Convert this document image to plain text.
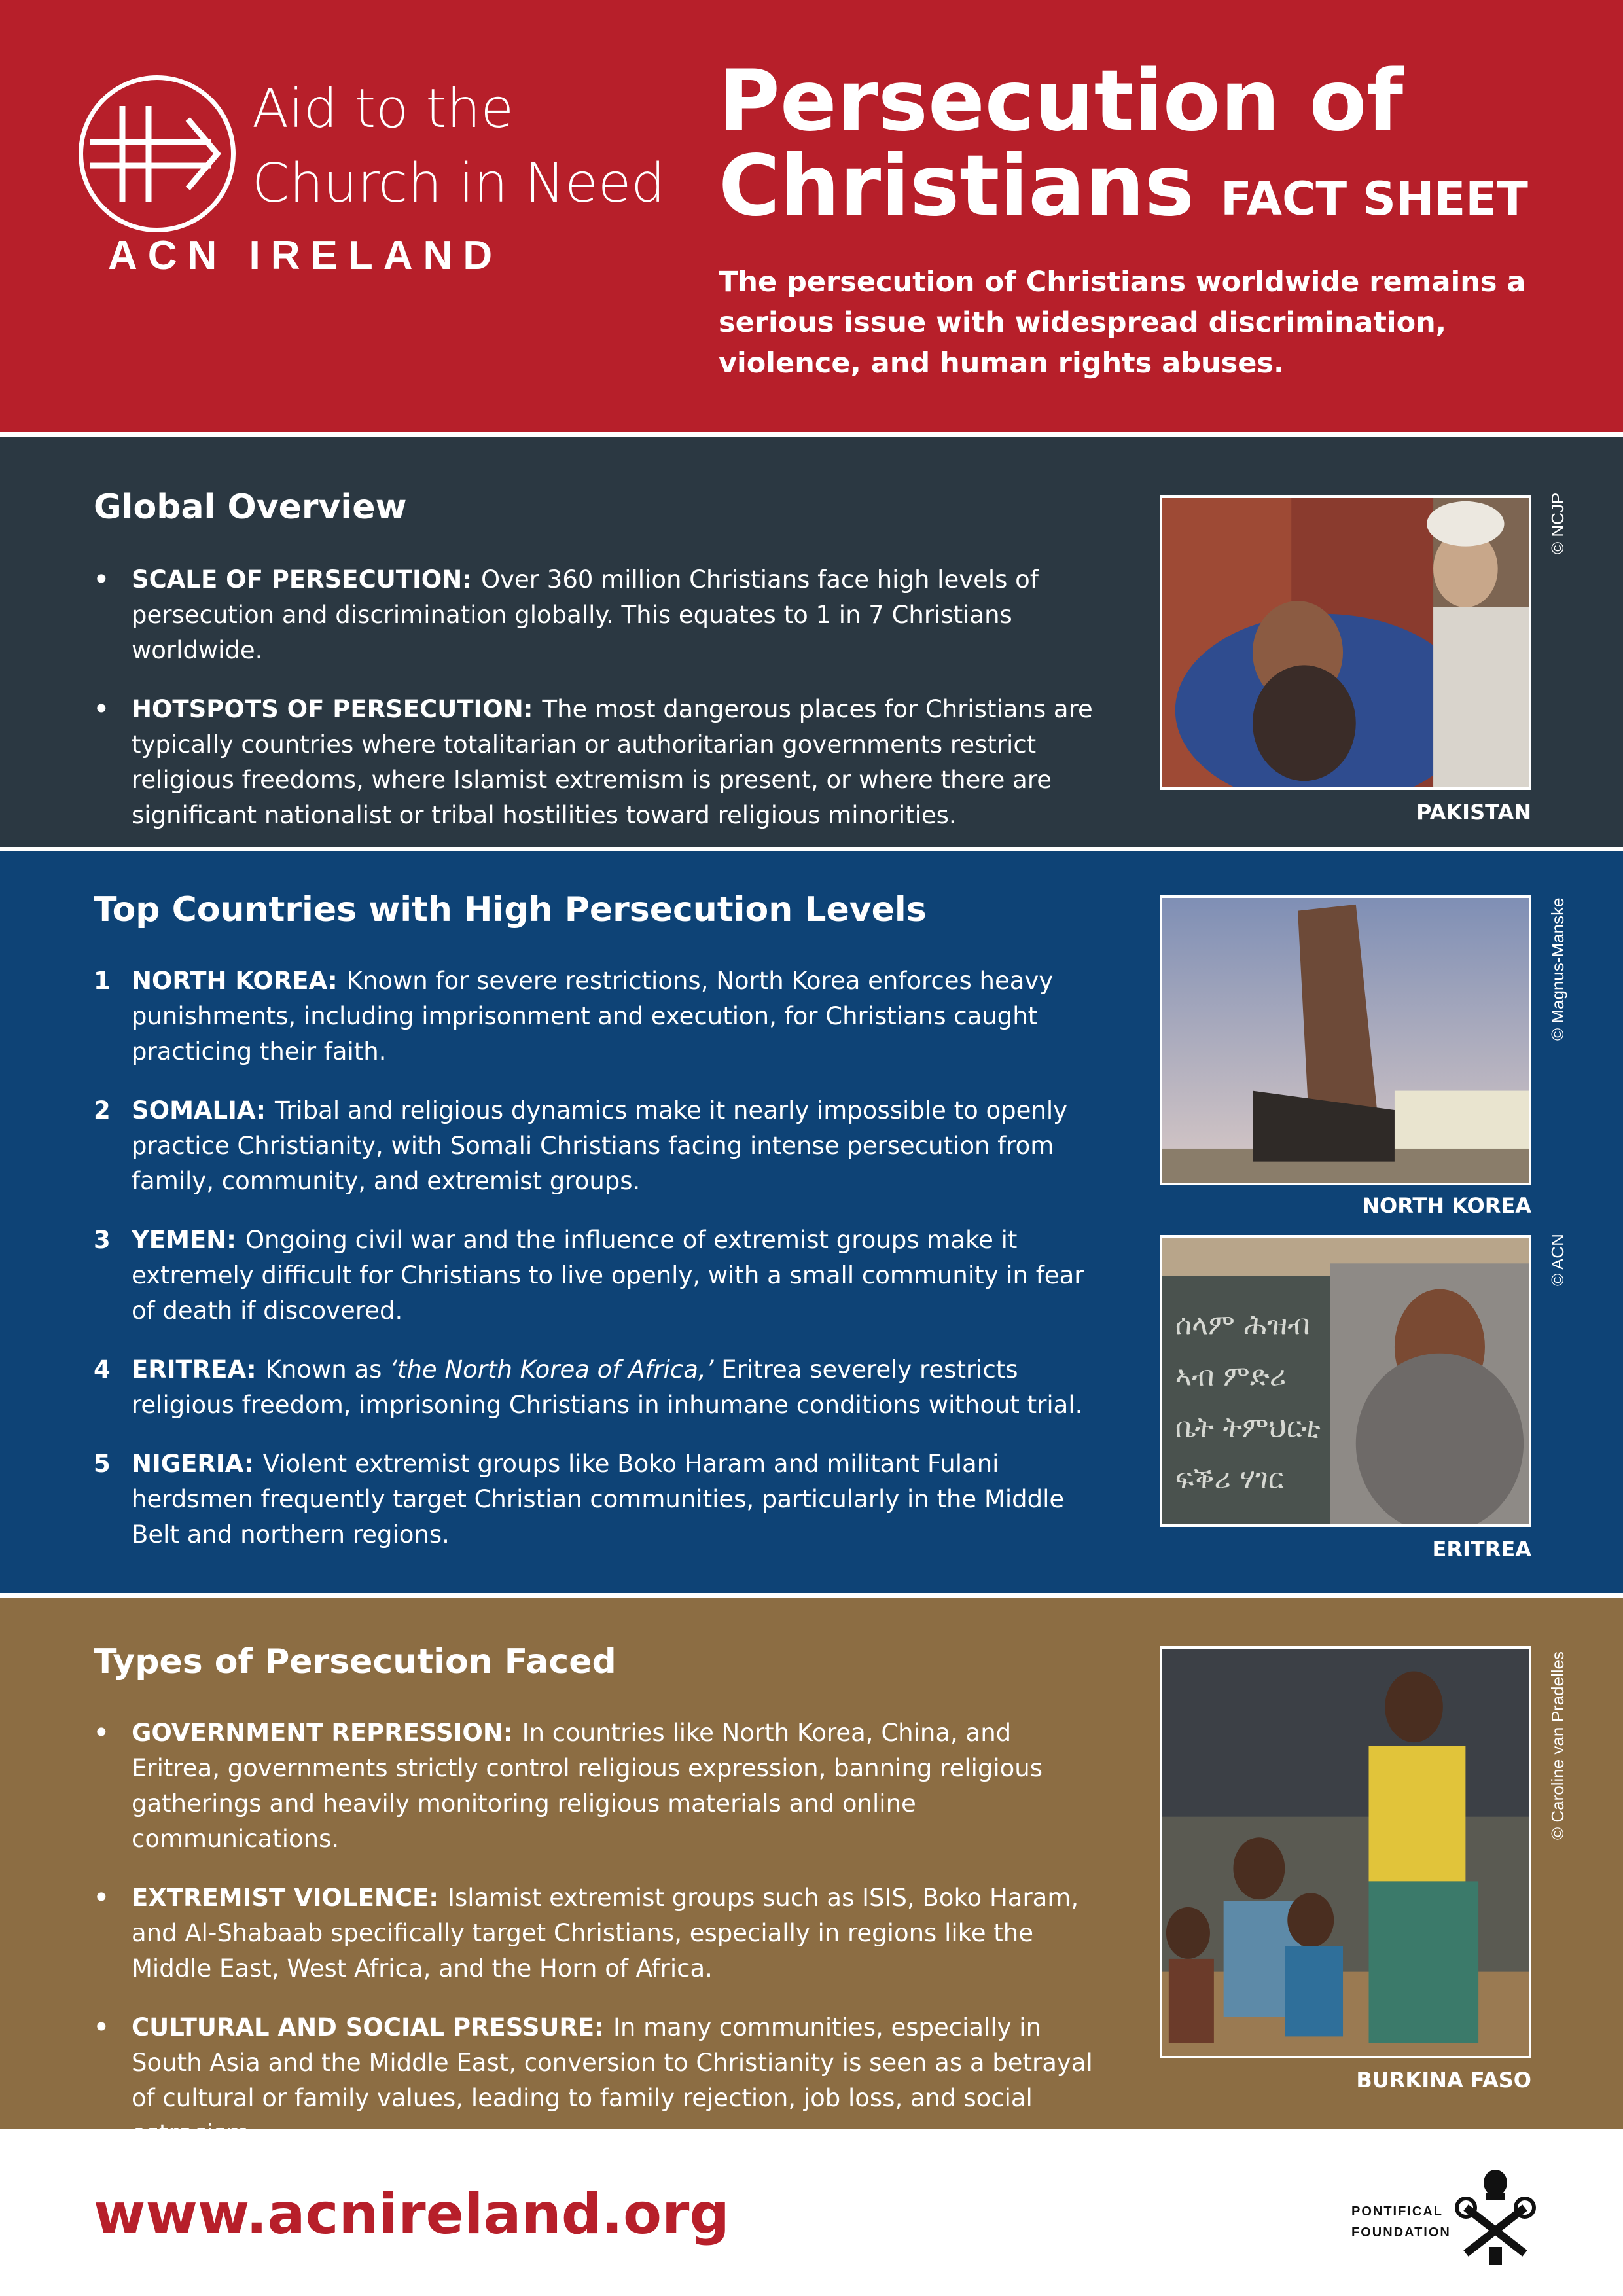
Aid to the
Church in Need
ACN IRELAND
Persecution of
Christians FACT SHEET
The persecution of Christians worldwide remains a serious issue with widespread discrimination, violence, and human rights abuses.
Global Overview
• SCALE OF PERSECUTION: Over 360 million Christians face high levels of persecution and discrimination globally. This equates to 1 in 7 Christians worldwide.
• HOTSPOTS OF PERSECUTION: The most dangerous places for Christians are typically countries where totalitarian or authoritarian governments restrict religious freedoms, where Islamist extremism is present, or where there are significant nationalist or tribal hostilities toward religious minorities.
© NCJP
PAKISTAN
Top Countries with High Persecution Levels
1 NORTH KOREA: Known for severe restrictions, North Korea enforces heavy punishments, including imprisonment and execution, for Christians caught practicing their faith.
2 SOMALIA: Tribal and religious dynamics make it nearly impossible to openly practice Christianity, with Somali Christians facing intense persecution from family, community, and extremist groups.
3 YEMEN: Ongoing civil war and the influence of extremist groups make it extremely difficult for Christians to live openly, with a small community in fear of death if discovered.
4 ERITREA: Known as ‘the North Korea of Africa,’ Eritrea severely restricts religious freedom, imprisoning Christians in inhumane conditions without trial.
5 NIGERIA: Violent extremist groups like Boko Haram and militant Fulani herdsmen frequently target Christian communities, particularly in the Middle Belt and northern regions.
© Magnus-Manske
NORTH KOREA
ሰላም ሕዝብ
ኣብ ምድሪ
ቤት ትምህርቲ
ፍቕሪ ሃገር
© ACN
ERITREA
Types of Persecution Faced
• GOVERNMENT REPRESSION: In countries like North Korea, China, and Eritrea, governments strictly control religious expression, banning religious gatherings and heavily monitoring religious materials and online communications.
• EXTREMIST VIOLENCE: Islamist extremist groups such as ISIS, Boko Haram, and Al-Shabaab specifically target Christians, especially in regions like the Middle East, West Africa, and the Horn of Africa.
• CULTURAL AND SOCIAL PRESSURE: In many communities, especially in South Asia and the Middle East, conversion to Christianity is seen as a betrayal of cultural or family values, leading to family rejection, job loss, and social
© Caroline van Pradelles
BURKINA FASO
www.acnireland.org	PONTIFICAL
FOUNDATION
